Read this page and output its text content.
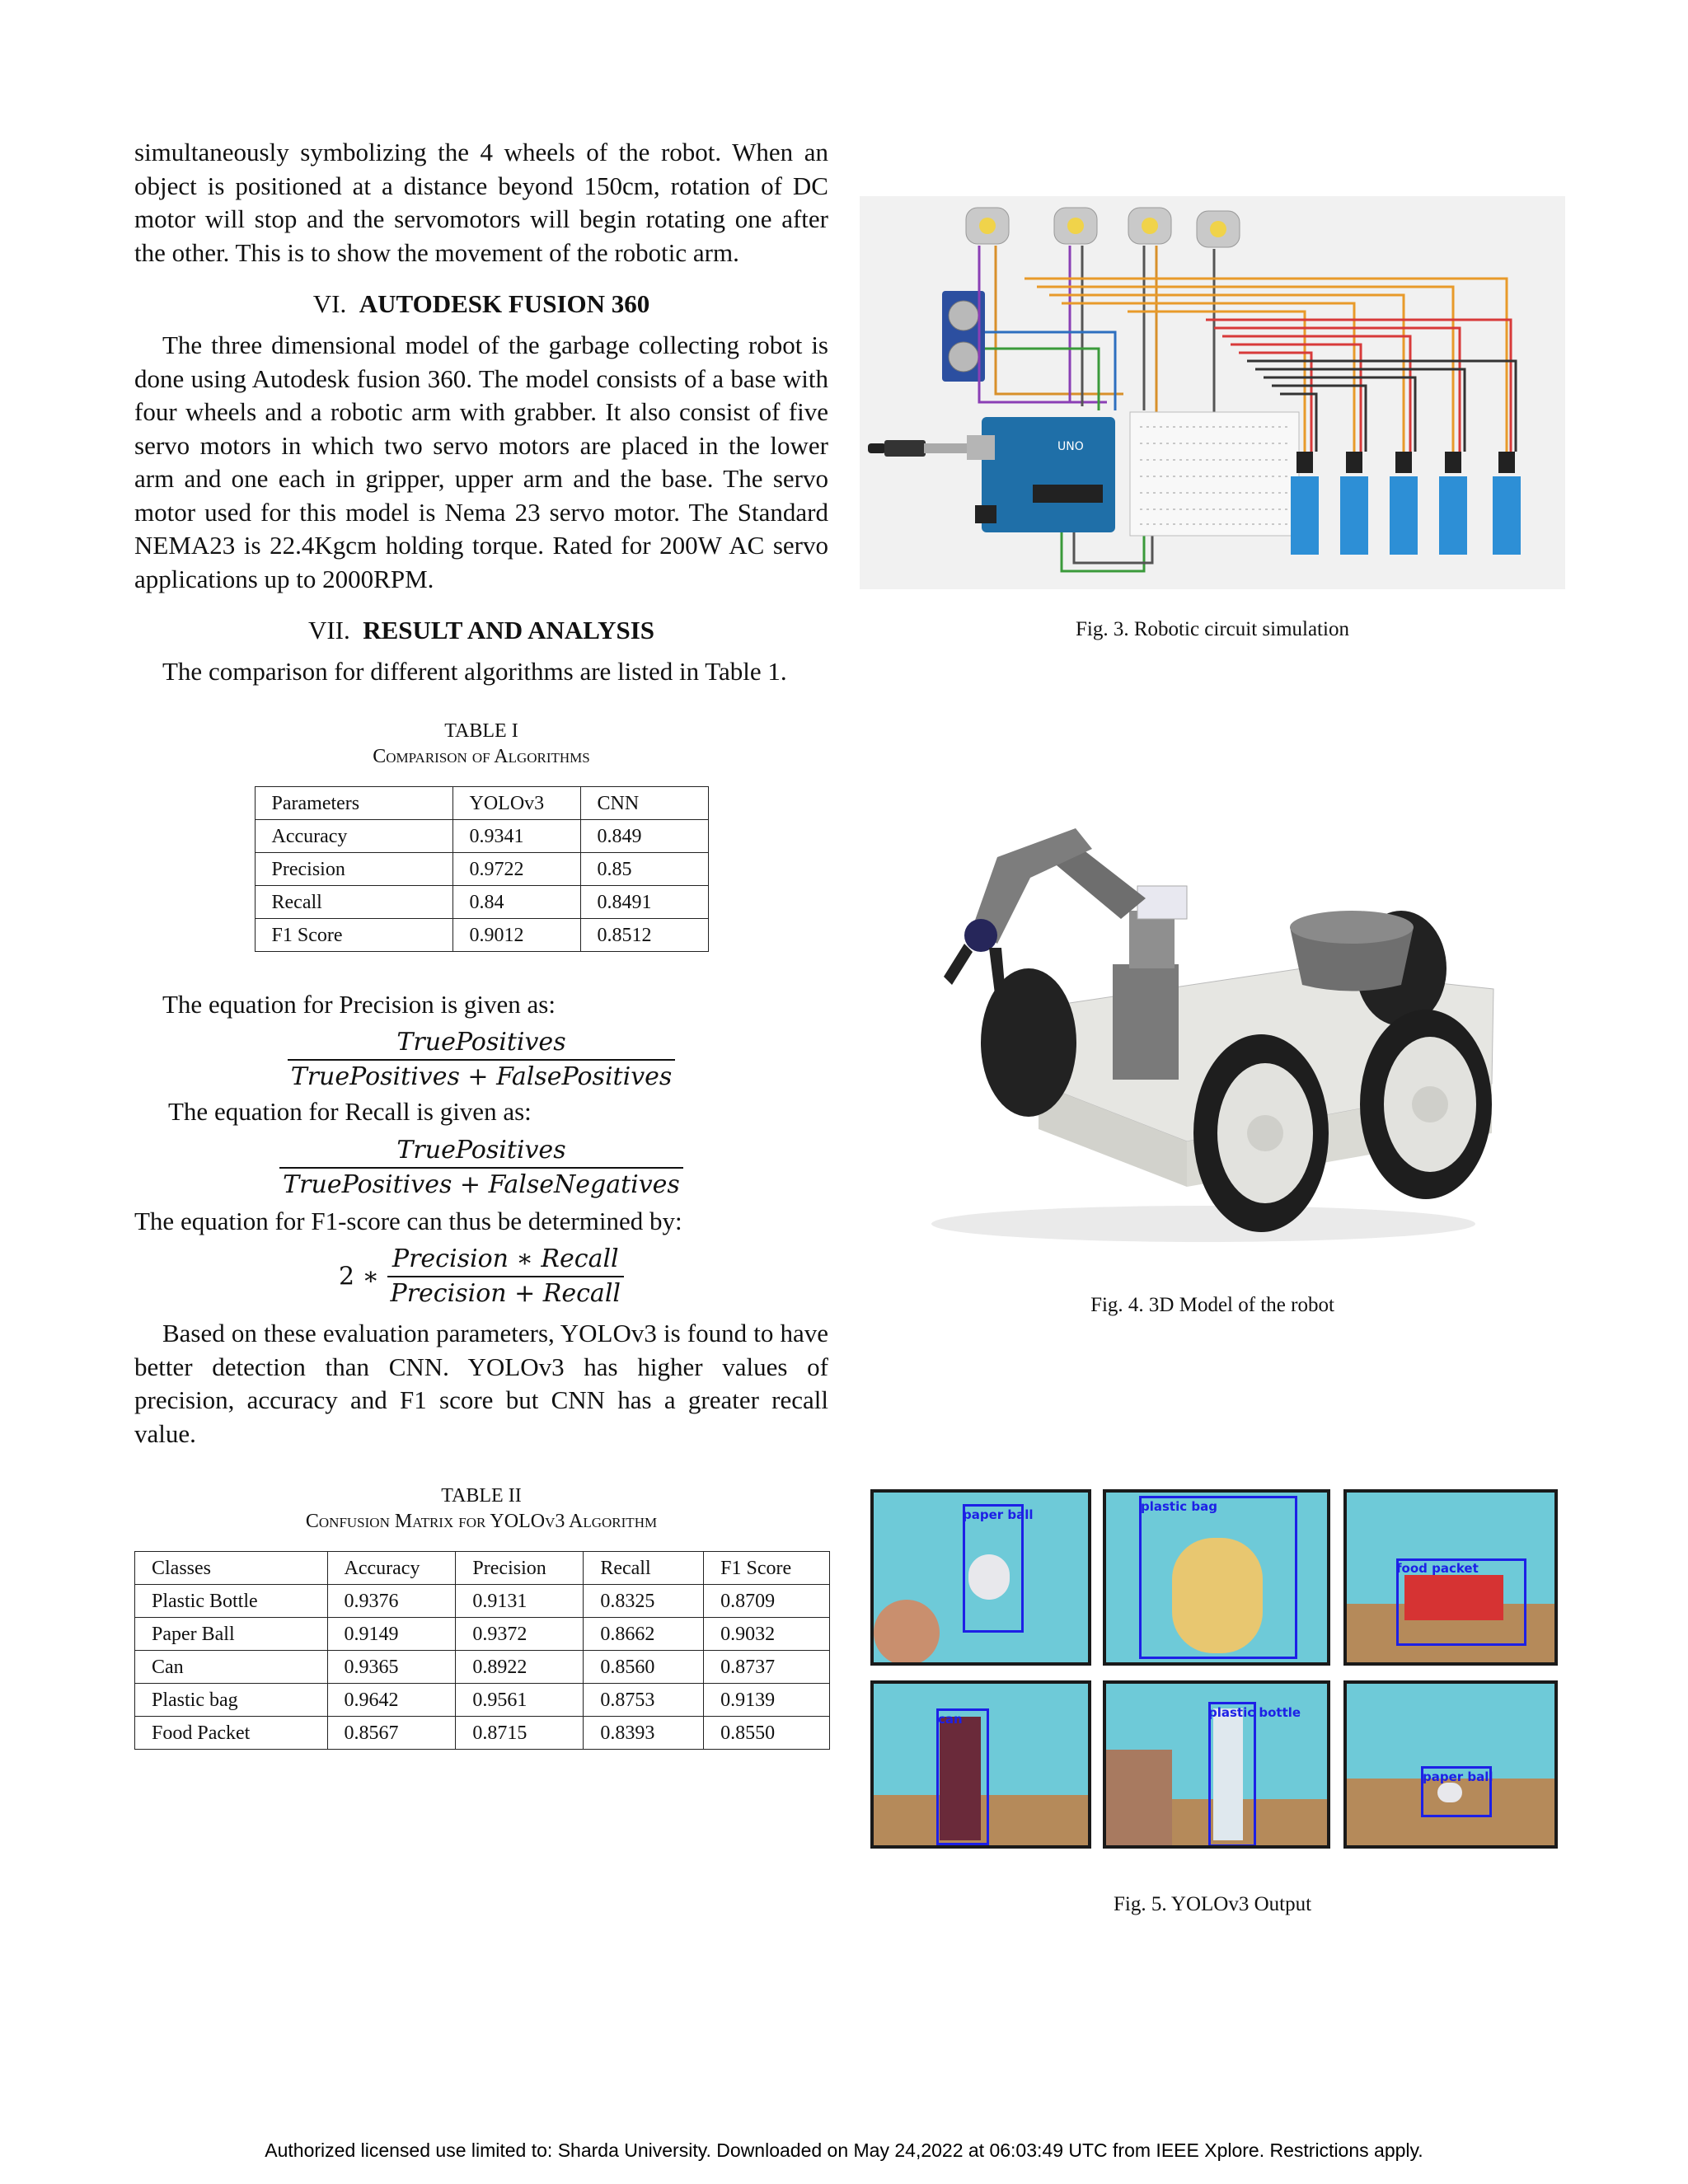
simultaneously symbolizing the 4 wheels of the robot. When an object is positioned at a distance beyond 150cm, rotation of DC motor will stop and the servomotors will begin rotating one after the other. This is to show the movement of the robotic arm.

VI. AUTODESK FUSION 360

The three dimensional model of the garbage collecting robot is done using Autodesk fusion 360. The model consists of a base with four wheels and a robotic arm with grabber. It also consist of five servo motors in which two servo motors are placed in the lower arm and one each in gripper, upper arm and the base. The servo motor used for this model is Nema 23 servo motor. The Standard NEMA23 is 22.4Kgcm holding torque. Rated for 200W AC servo applications up to 2000RPM.

VII. RESULT AND ANALYSIS

The comparison for different algorithms are listed in Table 1.

TABLE I
Comparison of Algorithms
Parameters	YOLOv3	CNN
Accuracy	0.9341	0.849
Precision	0.9722	0.85
Recall	0.84	0.8491
F1 Score	0.9012	0.8512

The equation for Precision is given as:

$\frac{\text{TruePositives}}{\text{TruePositives + FalsePositives}}$

The equation for Recall is given as:

$\frac{\text{TruePositives}}{\text{TruePositives + FalseNegatives}}$

The equation for F1-score can thus be determined by:

2 ∗ $\frac{\text{Precision ∗ Recall}}{\text{Precision + Recall}}$

Based on these evaluation parameters, YOLOv3 is found to have better detection than CNN. YOLOv3 has higher values of precision, accuracy and F1 score but CNN has a greater recall value.

TABLE II
Confusion Matrix for YOLOv3 Algorithm
Classes	Accuracy	Precision	Recall	F1 Score
Plastic Bottle	0.9376	0.9131	0.8325	0.8709
Paper Ball	0.9149	0.9372	0.8662	0.9032
Can	0.9365	0.8922	0.8560	0.8737
Plastic bag	0.9642	0.9561	0.8753	0.9139
Food Packet	0.8567	0.8715	0.8393	0.8550
UNO
Fig. 3. Robotic circuit simulation
Fig. 4. 3D Model of the robot
paper ball
plastic bag
food packet
can	plastic bottle
paper ball
Fig. 5. YOLOv3 Output
Authorized licensed use limited to: Sharda University. Downloaded on May 24,2022 at 06:03:49 UTC from IEEE Xplore. Restrictions apply.
